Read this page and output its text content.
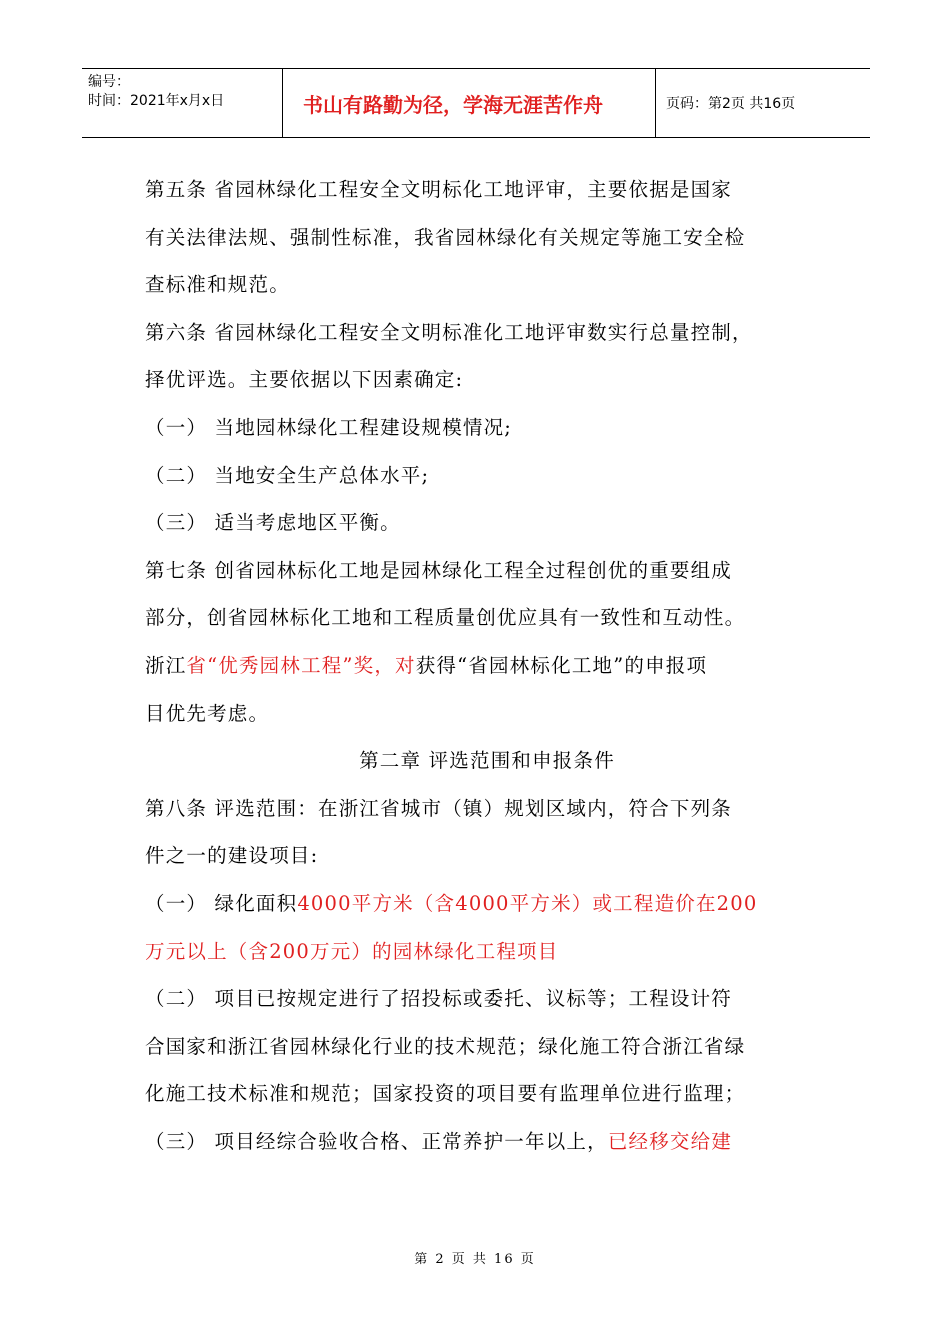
编号：
时间：2021年x月x日	书山有路勤为径，学海无涯苦作舟	页码：第2页 共16页
第五条 省园林绿化工程安全文明标化工地评审，主要依据是国家
有关法律法规、强制性标准，我省园林绿化有关规定等施工安全检
查标准和规范。
第六条 省园林绿化工程安全文明标准化工地评审数实行总量控制，
择优评选。主要依据以下因素确定:
（一） 当地园林绿化工程建设规模情况;
（二） 当地安全生产总体水平;
（三） 适当考虑地区平衡。
第七条 创省园林标化工地是园林绿化工程全过程创优的重要组成
部分，创省园林标化工地和工程质量创优应具有一致性和互动性。
浙江省“优秀园林工程”奖，对获得“省园林标化工地”的申报项
目优先考虑。
第二章 评选范围和申报条件
第八条 评选范围：在浙江省城市（镇）规划区域内，符合下列条
件之一的建设项目:
（一） 绿化面积4000平方米（含4000平方米）或工程造价在200
万元以上（含200万元）的园林绿化工程项目
（二） 项目已按规定进行了招投标或委托、议标等；工程设计符
合国家和浙江省园林绿化行业的技术规范；绿化施工符合浙江省绿
化施工技术标准和规范；国家投资的项目要有监理单位进行监理；
（三） 项目经综合验收合格、正常养护一年以上，已经移交给建
第 2 页 共 16 页
